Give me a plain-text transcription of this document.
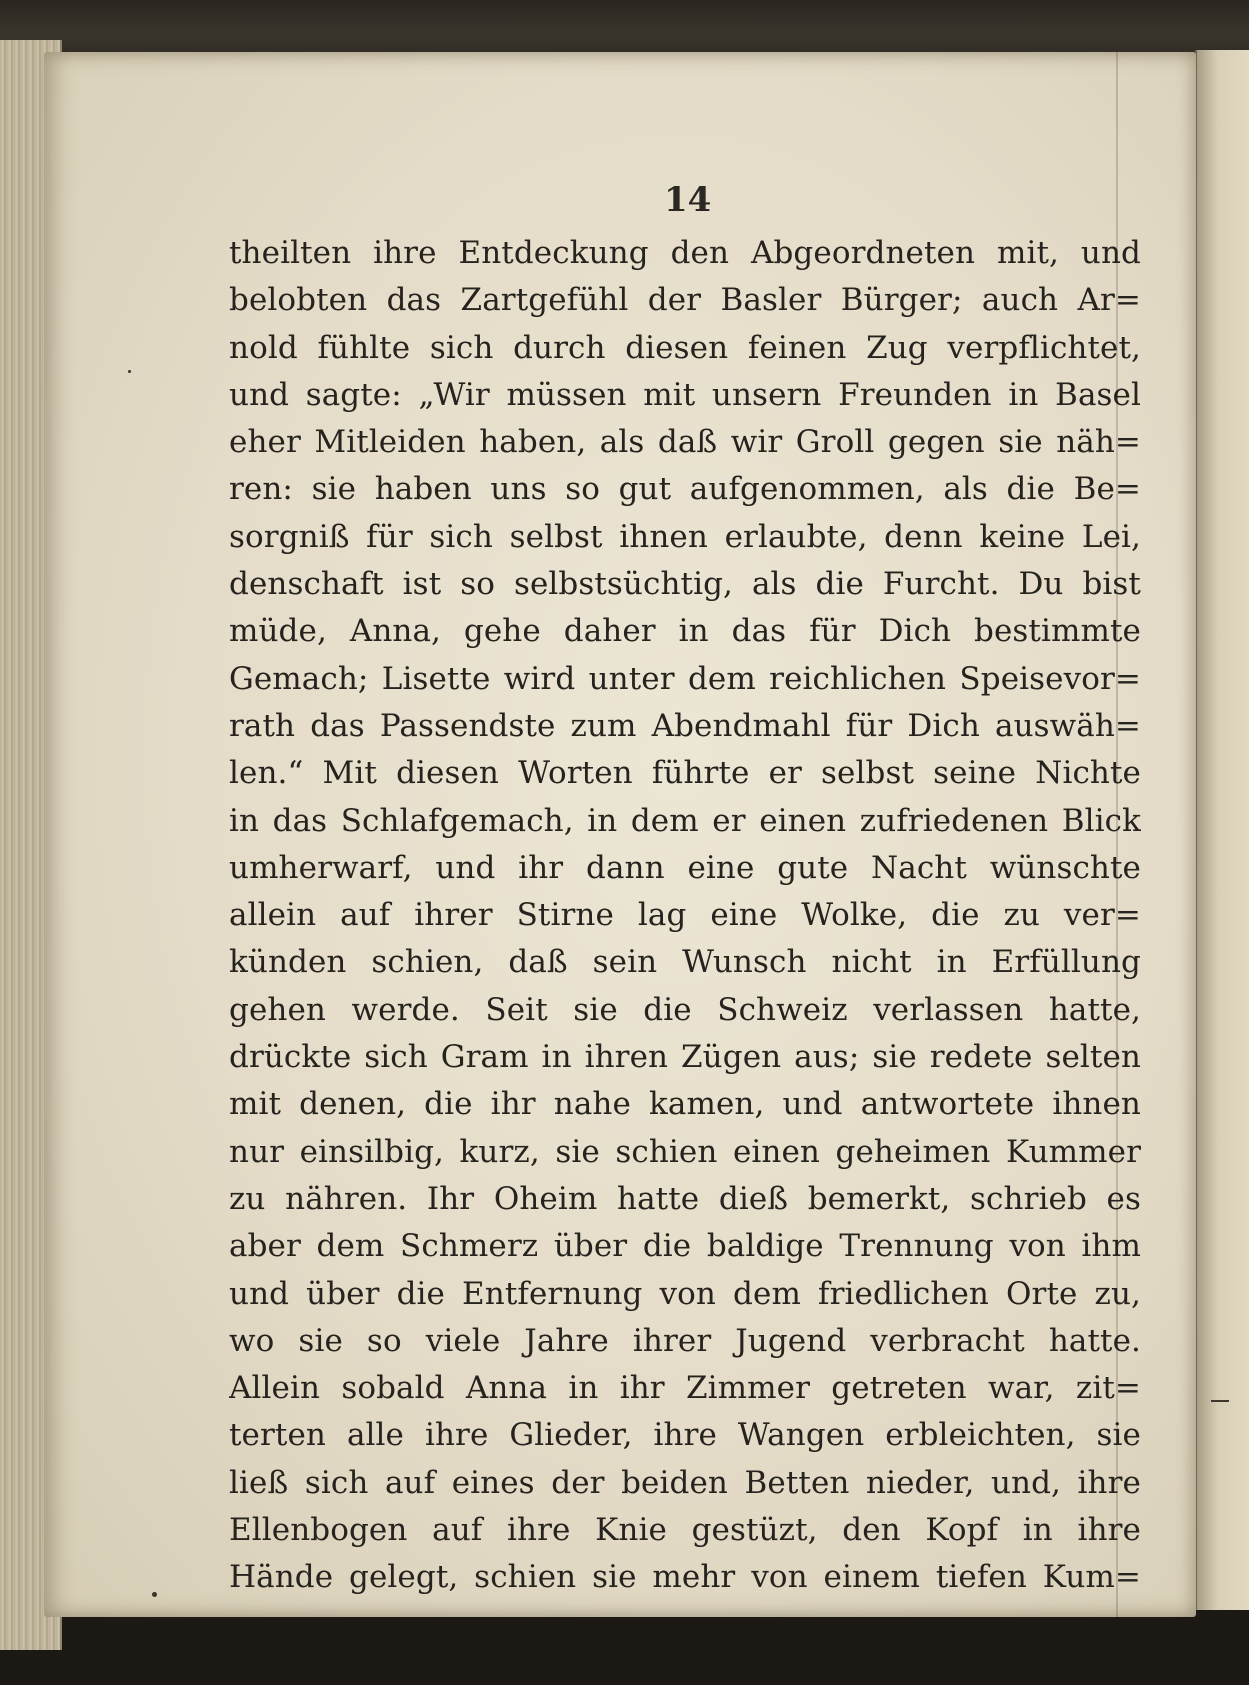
14

theilten ihre Entdeckung den Abgeordneten mit, und
belobten das Zartgefühl der Basler Bürger; auch Ar=
nold fühlte sich durch diesen feinen Zug verpflichtet,
und sagte: „Wir müssen mit unsern Freunden in Basel
eher Mitleiden haben, als daß wir Groll gegen sie näh=
ren: sie haben uns so gut aufgenommen, als die Be=
sorgniß für sich selbst ihnen erlaubte, denn keine Lei,
denschaft ist so selbstsüchtig, als die Furcht. Du bist
müde, Anna, gehe daher in das für Dich bestimmte
Gemach; Lisette wird unter dem reichlichen Speisevor=
rath das Passendste zum Abendmahl für Dich auswäh=
len.“ Mit diesen Worten führte er selbst seine Nichte
in das Schlafgemach, in dem er einen zufriedenen Blick
umherwarf, und ihr dann eine gute Nacht wünschte
allein auf ihrer Stirne lag eine Wolke, die zu ver=
künden schien, daß sein Wunsch nicht in Erfüllung
gehen werde. Seit sie die Schweiz verlassen hatte,
drückte sich Gram in ihren Zügen aus; sie redete selten
mit denen, die ihr nahe kamen, und antwortete ihnen
nur einsilbig, kurz, sie schien einen geheimen Kummer
zu nähren. Ihr Oheim hatte dieß bemerkt, schrieb es
aber dem Schmerz über die baldige Trennung von ihm
und über die Entfernung von dem friedlichen Orte zu,
wo sie so viele Jahre ihrer Jugend verbracht hatte.
Allein sobald Anna in ihr Zimmer getreten war, zit=
terten alle ihre Glieder, ihre Wangen erbleichten, sie
ließ sich auf eines der beiden Betten nieder, und, ihre
Ellenbogen auf ihre Knie gestüzt, den Kopf in ihre
Hände gelegt, schien sie mehr von einem tiefen Kum=
